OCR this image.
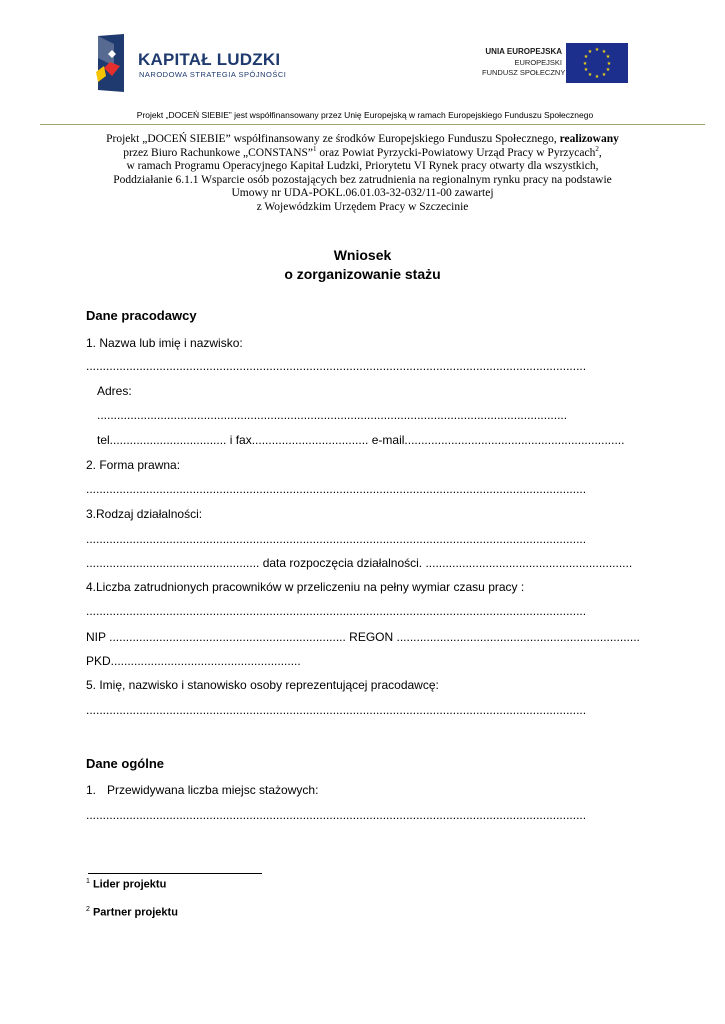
KAPITAŁ LUDZKI
NARODOWA STRATEGIA SPÓJNOŚCI
UNIA EUROPEJSKA
EUROPEJSKI
FUNDUSZ SPOŁECZNY
★ ★
★
★
★
★
★
★
★
★
★
★
Projekt „DOCEŃ SIEBIE” jest współfinansowany przez Unię Europejską w ramach Europejskiego Funduszu Społecznego
Projekt „DOCEŃ SIEBIE” współfinansowany ze środków Europejskiego Funduszu Społecznego, realizowany
przez Biuro Rachunkowe „CONSTANS”$^1$ oraz Powiat Pyrzycki-Powiatowy Urząd Pracy w Pyrzycach$^2$,
w ramach Programu Operacyjnego Kapitał Ludzki, Priorytetu VI Rynek pracy otwarty dla wszystkich,
Poddziałanie 6.1.1 Wsparcie osób pozostających bez zatrudnienia na regionalnym rynku pracy na podstawie
Umowy nr UDA-POKL.06.01.03-32-032/11-00 zawartej
z Wojewódzkim Urzędem Pracy w Szczecinie
Wniosek
o zorganizowanie stażu
Dane pracodawcy
1. Nazwa lub imię i nazwisko:
......................................................................................................................................................
Adres:
.............................................................................................................................................
tel................................... i fax................................... e-mail..................................................................
2. Forma prawna:
......................................................................................................................................................
3.Rodzaj działalności:
......................................................................................................................................................
.................................................... data rozpoczęcia działalności. ..............................................................
4.Liczba zatrudnionych pracowników w przeliczeniu na pełny wymiar czasu pracy :
......................................................................................................................................................
NIP ....................................................................... REGON .........................................................................
PKD.........................................................
5. Imię, nazwisko i stanowisko osoby reprezentującej pracodawcę:
......................................................................................................................................................
Dane ogólne
1. Przewidywana liczba miejsc stażowych:
......................................................................................................................................................
$^1$ Lider projektu
$^2$ Partner projektu
